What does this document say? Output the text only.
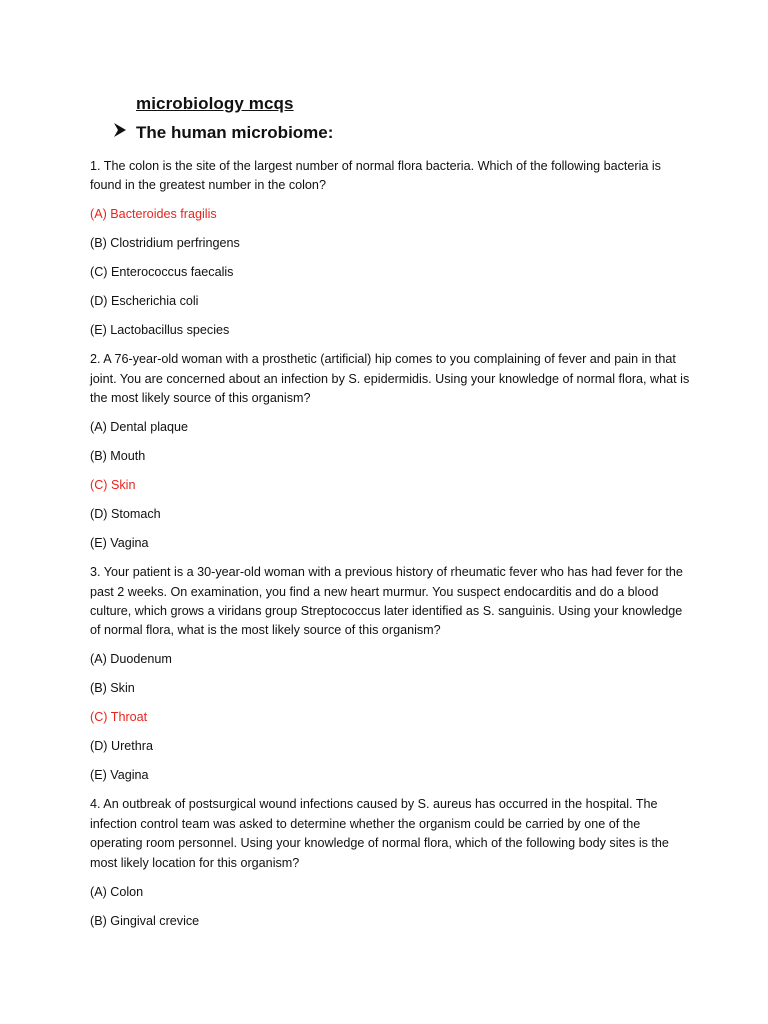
microbiology mcqs
The human microbiome:

1. The colon is the site of the largest number of normal flora bacteria. Which of the following bacteria is found in the greatest number in the colon?

(A) Bacteroides fragilis

(B) Clostridium perfringens

(C) Enterococcus faecalis

(D) Escherichia coli

(E) Lactobacillus species

2. A 76-year-old woman with a prosthetic (artificial) hip comes to you complaining of fever and pain in that joint. You are concerned about an infection by S. epidermidis. Using your knowledge of normal flora, what is the most likely source of this organism?

(A) Dental plaque

(B) Mouth

(C) Skin

(D) Stomach

(E) Vagina

3. Your patient is a 30-year-old woman with a previous history of rheumatic fever who has had fever for the past 2 weeks. On examination, you find a new heart murmur. You suspect endocarditis and do a blood culture, which grows a viridans group Streptococcus later identified as S. sanguinis. Using your knowledge of normal flora, what is the most likely source of this organism?

(A) Duodenum

(B) Skin

(C) Throat

(D) Urethra

(E) Vagina

4. An outbreak of postsurgical wound infections caused by S. aureus has occurred in the hospital. The infection control team was asked to determine whether the organism could be carried by one of the operating room personnel. Using your knowledge of normal flora, which of the following body sites is the most likely location for this organism?

(A) Colon

(B) Gingival crevice
